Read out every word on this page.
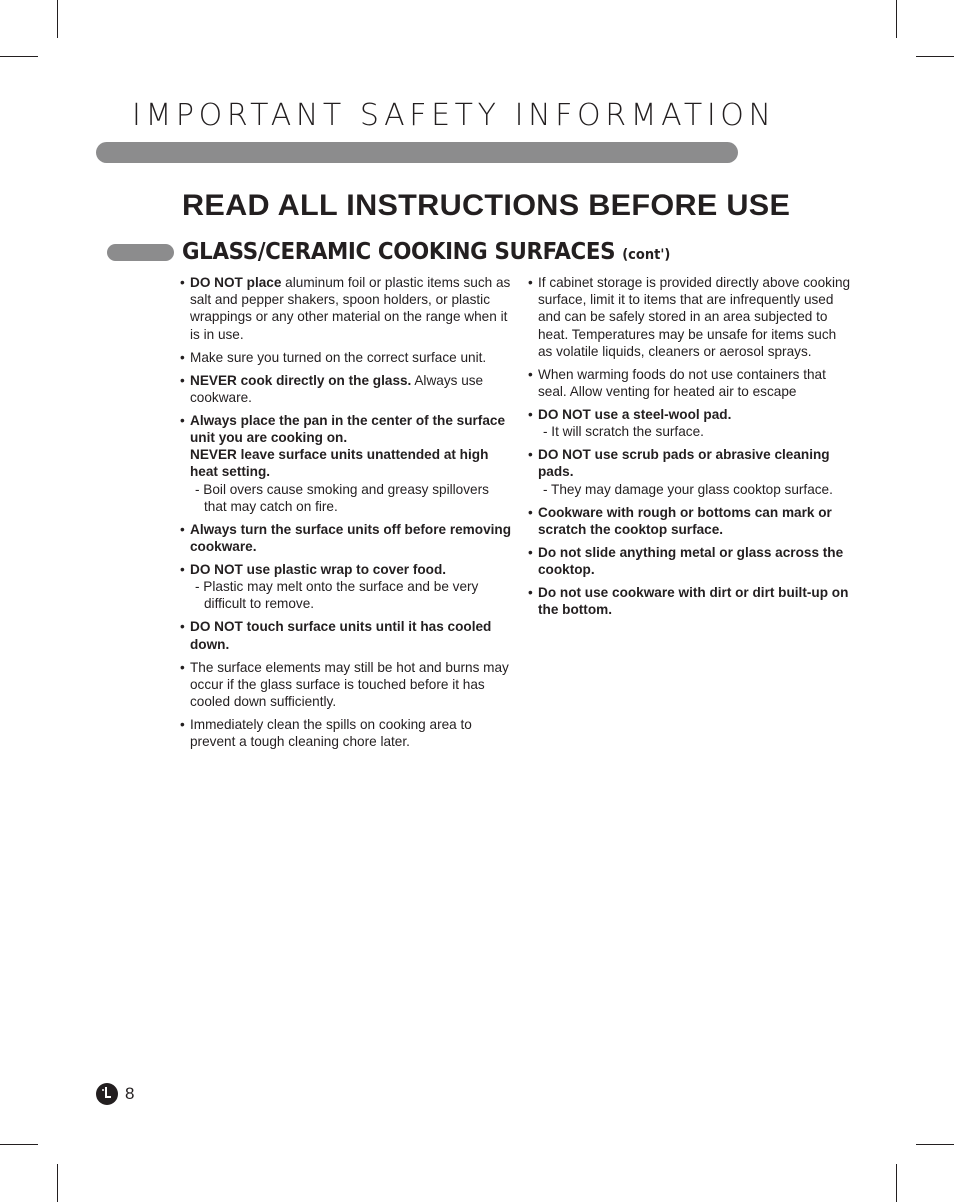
IMPORTANT SAFETY INFORMATION
READ ALL INSTRUCTIONS BEFORE USE
GLASS/CERAMIC COOKING SURFACES (cont')
• DO NOT place aluminum foil or plastic items such as salt and pepper shakers, spoon holders, or plastic wrappings or any other material on the range when it is in use.
• Make sure you turned on the correct surface unit.
• NEVER cook directly on the glass. Always use cookware.
• Always place the pan in the center of the surface unit you are cooking on.
NEVER leave surface units unattended at high heat setting.
- Boil overs cause smoking and greasy spillovers that may catch on fire.
• Always turn the surface units off before removing cookware.
• DO NOT use plastic wrap to cover food.
- Plastic may melt onto the surface and be very difficult to remove.
• DO NOT touch surface units until it has cooled down.
• The surface elements may still be hot and burns may occur if the glass surface is touched before it has cooled down sufficiently.
• Immediately clean the spills on cooking area to prevent a tough cleaning chore later.
• If cabinet storage is provided directly above cooking surface, limit it to items that are infrequently used and can be safely stored in an area subjected to heat. Temperatures may be unsafe for items such as volatile liquids, cleaners or aerosol sprays.
• When warming foods do not use containers that seal. Allow venting for heated air to escape
• DO NOT use a steel-wool pad.
- It will scratch the surface.
• DO NOT use scrub pads or abrasive cleaning pads.
- They may damage your glass cooktop surface.
• Cookware with rough or bottoms can mark or scratch the cooktop surface.
• Do not slide anything metal or glass across the cooktop.
• Do not use cookware with dirt or dirt built-up on the bottom.
8
